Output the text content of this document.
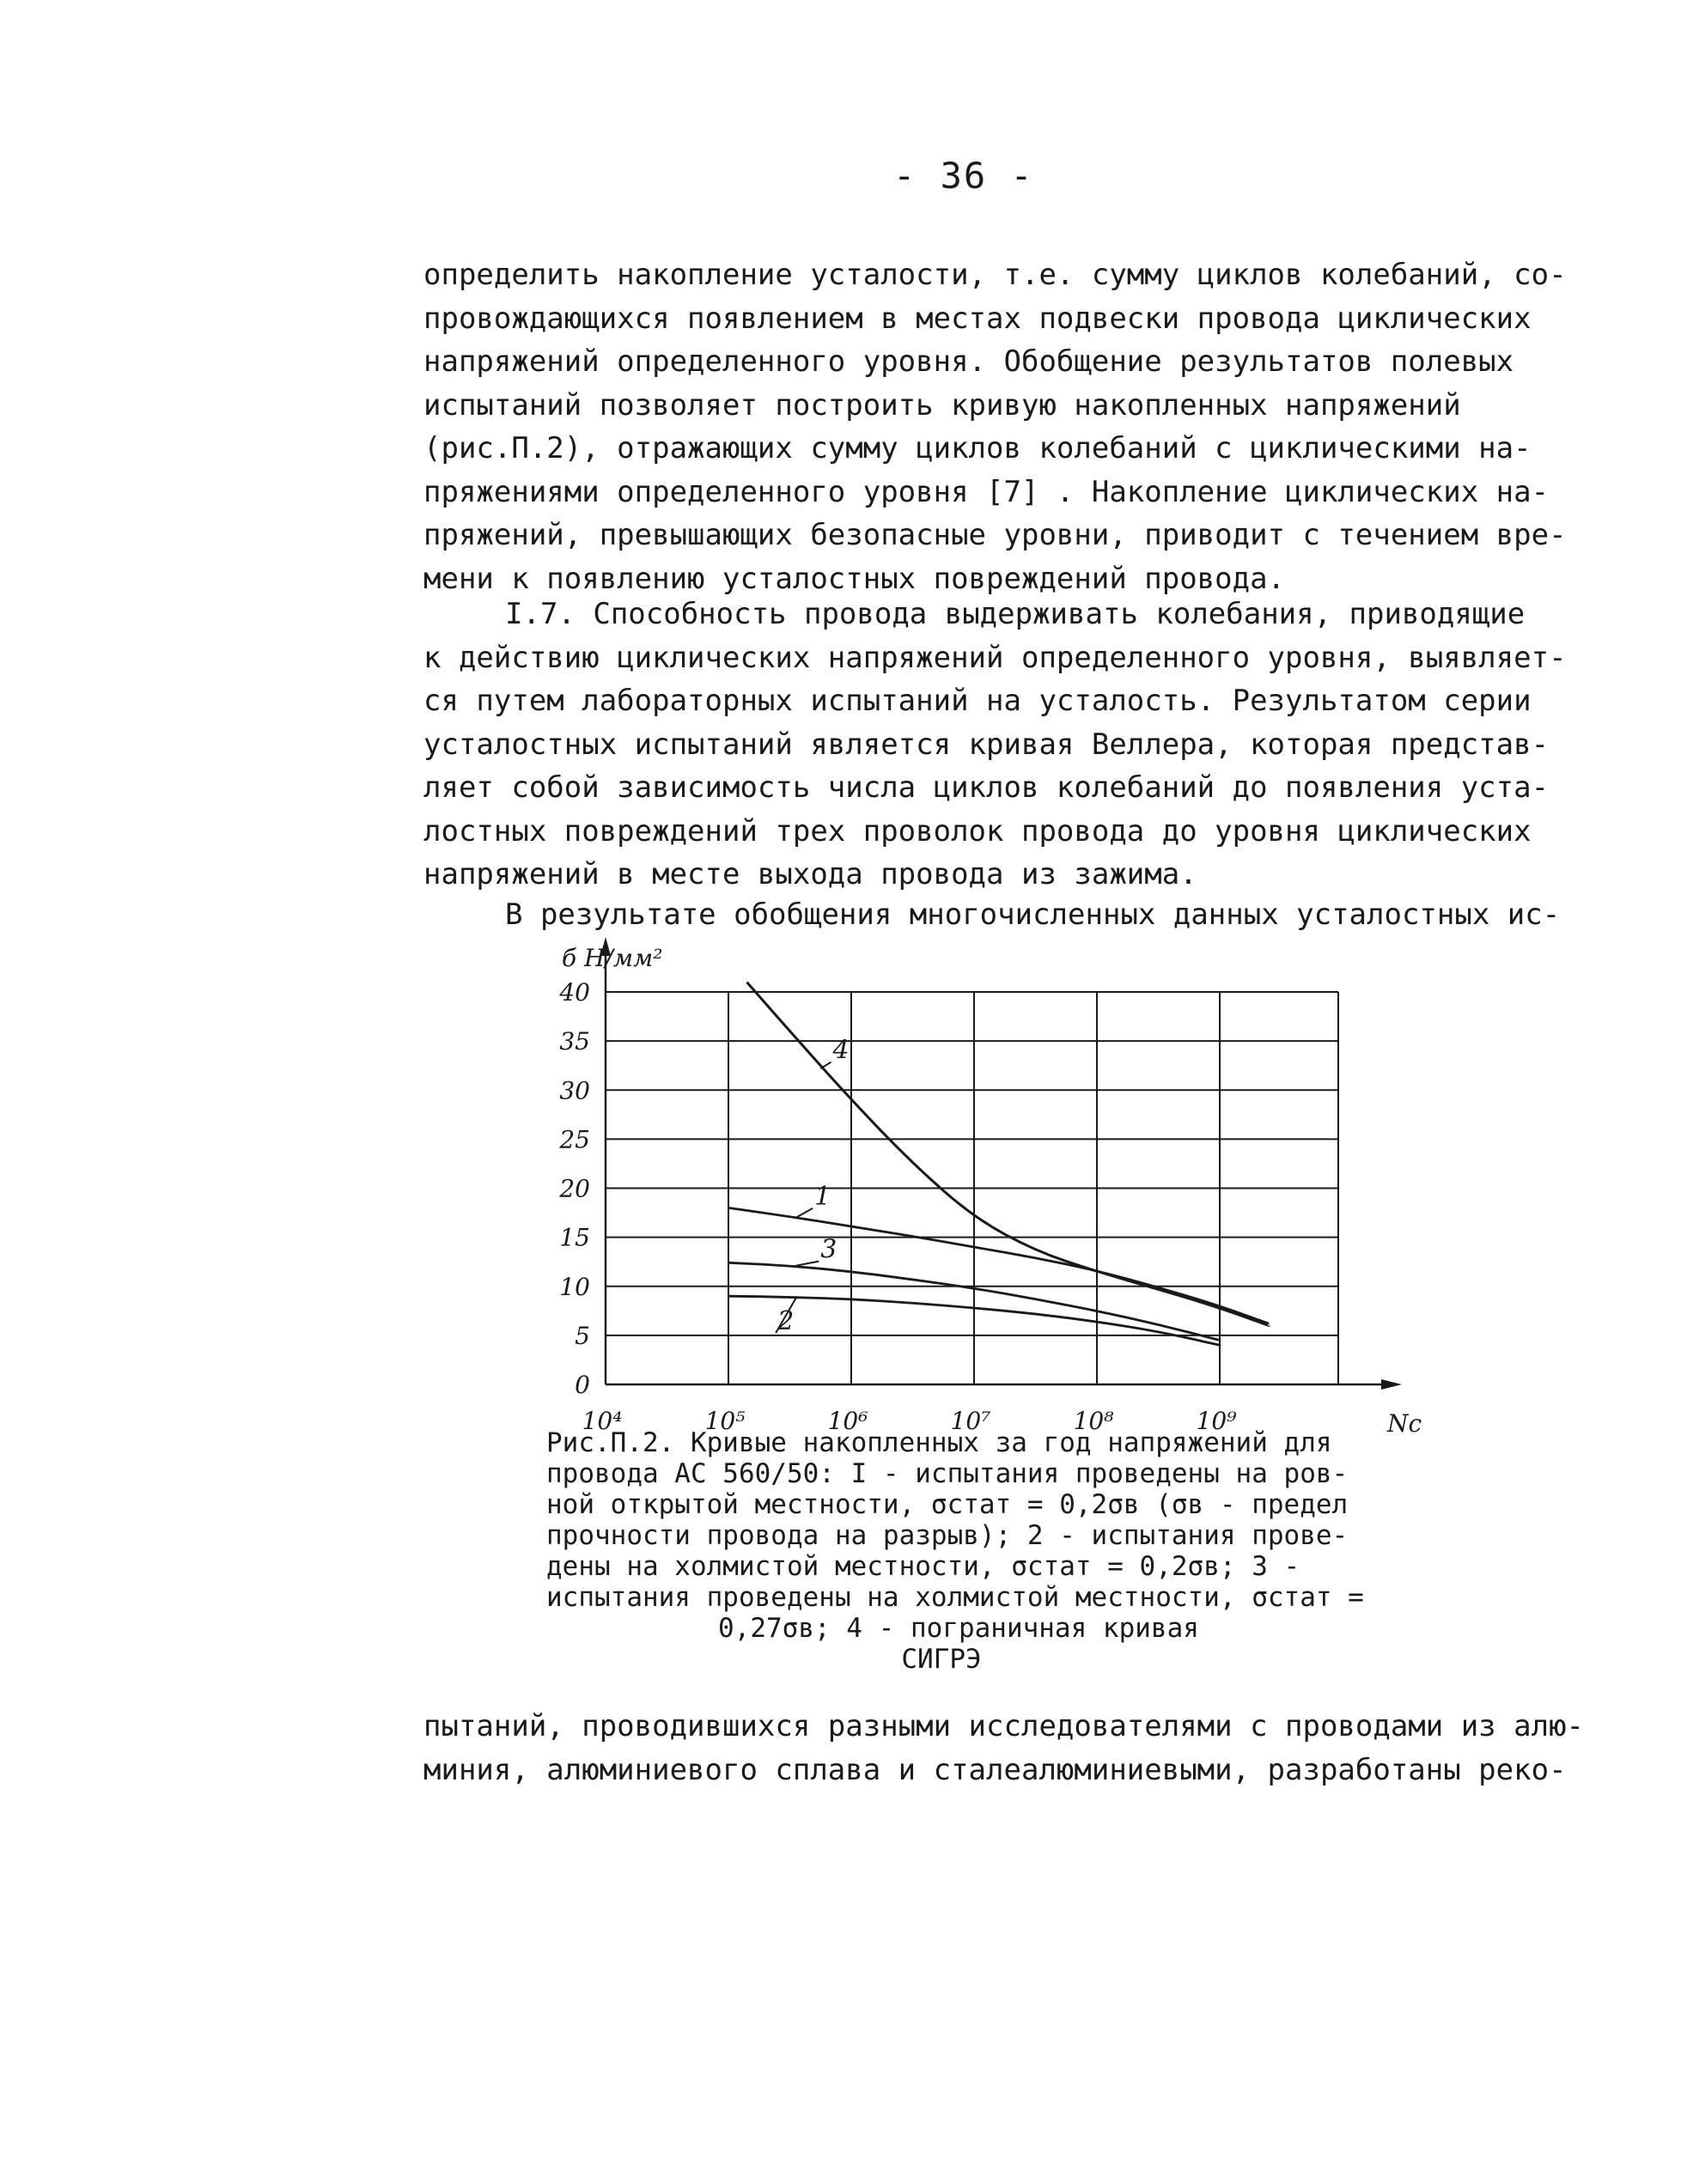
- 36 -
определить накопление усталости, т.е. сумму циклов колебаний, со-
провождающихся появлением в местах подвески провода циклических
напряжений определенного уровня. Обобщение результатов полевых
испытаний позволяет построить кривую накопленных напряжений
(рис.П.2), отражающих сумму циклов колебаний с циклическими на-
пряжениями определенного уровня [7] . Накопление циклических на-
пряжений, превышающих безопасные уровни, приводит с течением вре-
мени к появлению усталостных повреждений провода.
I.7. Способность провода выдерживать колебания, приводящие
к действию циклических напряжений определенного уровня, выявляет-
ся путем лабораторных испытаний на усталость. Результатом серии
усталостных испытаний является кривая Веллера, которая представ-
ляет собой зависимость числа циклов колебаний до появления уста-
лостных повреждений трех проволок провода до уровня циклических
напряжений в месте выхода провода из зажима.
В результате обобщения многочисленных данных усталостных ис-
0
5
10
15
20
25
30
35
40
10⁴	10⁵	10⁶	10⁷	10⁸	10⁹
б Н/мм²
Nc
1
2
3
4
Рис.П.2. Кривые накопленных за год напряжений для
провода АС 560/50: I - испытания проведены на ров-
ной открытой местности, σстат = 0,2σв (σв - предел
прочности провода на разрыв); 2 - испытания прове-
дены на холмистой местности, σстат = 0,2σв; 3 -
испытания проведены на холмистой местности, σстат =
0,27σв; 4 - пограничная кривая
СИГРЭ
пытаний, проводившихся разными исследователями с проводами из алю-
миния, алюминиевого сплава и сталеалюминиевыми, разработаны реко-
